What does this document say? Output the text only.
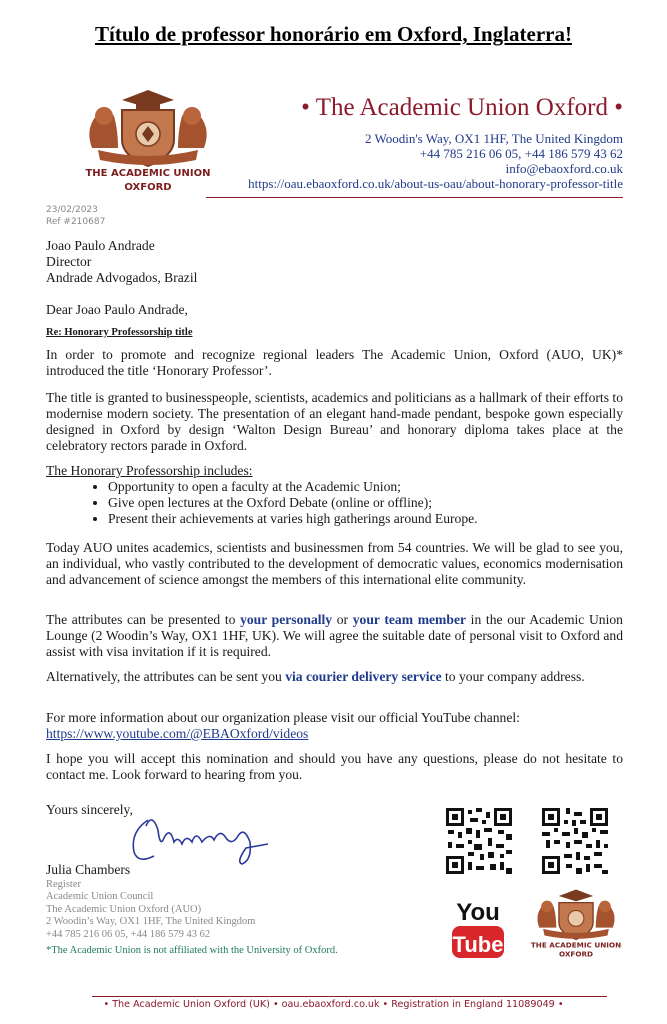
Título de professor honorário em Oxford, Inglaterra!
THE ACADEMIC UNION
OXFORD
• The Academic Union Oxford •
2 Woodin's Way, OX1 1HF, The United Kingdom
+44 785 216 06 05, +44 186 579 43 62
info@ebaoxford.co.uk
https://oau.ebaoxford.co.uk/about-us-oau/about-honorary-professor-title
23/02/2023
Ref #210687
Joao Paulo Andrade
Director
Andrade Advogados, Brazil
Dear Joao Paulo Andrade,
Re: Honorary Professorship title
In order to promote and recognize regional leaders The Academic Union, Oxford (AUO, UK)* introduced the title ‘Honorary Professor’.
The title is granted to businesspeople, scientists, academics and politicians as a hallmark of their efforts to modernise modern society. The presentation of an elegant hand-made pendant, bespoke gown especially designed in Oxford by design ‘Walton Design Bureau’ and honorary diploma takes place at the celebratory rectors parade in Oxford.
The Honorary Professorship includes:
• Opportunity to open a faculty at the Academic Union;
• Give open lectures at the Oxford Debate (online or offline);
• Present their achievements at varies high gatherings around Europe.
Today AUO unites academics, scientists and businessmen from 54 countries. We will be glad to see you, an individual, who vastly contributed to the development of democratic values, economics modernisation and advancement of science amongst the members of this international elite community.
The attributes can be presented to your personally or your team member in the our Academic Union Lounge (2 Woodin’s Way, OX1 1HF, UK). We will agree the suitable date of personal visit to Oxford and assist with visa invitation if it is required.
Alternatively, the attributes can be sent you via courier delivery service to your company address.
For more information about our organization please visit our official YouTube channel:
https://www.youtube.com/@EBAOxford/videos
I hope you will accept this nomination and should you have any questions, please do not hesitate to contact me. Look forward to hearing from you.
Yours sincerely,
Julia Chambers
Register
Academic Union Council
The Academic Union Oxford (AUO)
2 Woodin’s Way, OX1 1HF, The United Kingdom
+44 785 216 06 05, +44 186 579 43 62
*The Academic Union is not affiliated with the University of Oxford.
You
Tube THE ACADEMIC UNION
OXFORD
• The Academic Union Oxford (UK) • oau.ebaoxford.co.uk • Registration in England 11089049 •
